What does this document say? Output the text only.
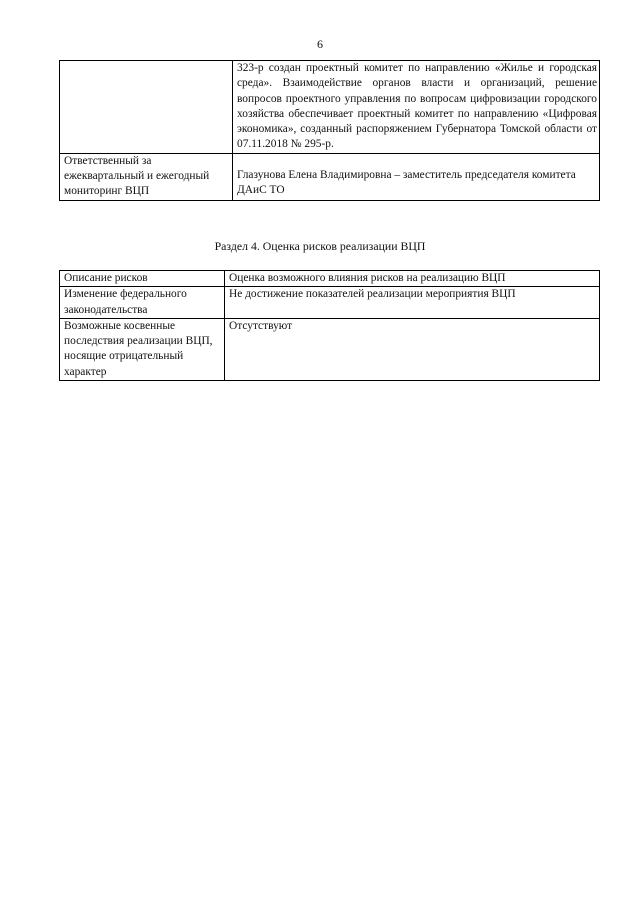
6
	323-р создан проектный комитет по направлению «Жилье и городская среда». Взаимодействие органов власти и организаций, решение вопросов проектного управления по вопросам цифровизации городского хозяйства обеспечивает проектный комитет по направлению «Цифровая экономика», созданный распоряжением Губернатора Томской области от 07.11.2018 № 295-р.
Ответственный за ежеквартальный и ежегодный мониторинг ВЦП	Глазунова Елена Владимировна – заместитель председателя комитета ДАиС ТО
Раздел 4. Оценка рисков реализации ВЦП
Описание рисков	Оценка возможного влияния рисков на реализацию ВЦП
Изменение федерального законодательства	Не достижение показателей реализации мероприятия ВЦП
Возможные косвенные последствия реализации ВЦП, носящие отрицательный характер	Отсутствуют
